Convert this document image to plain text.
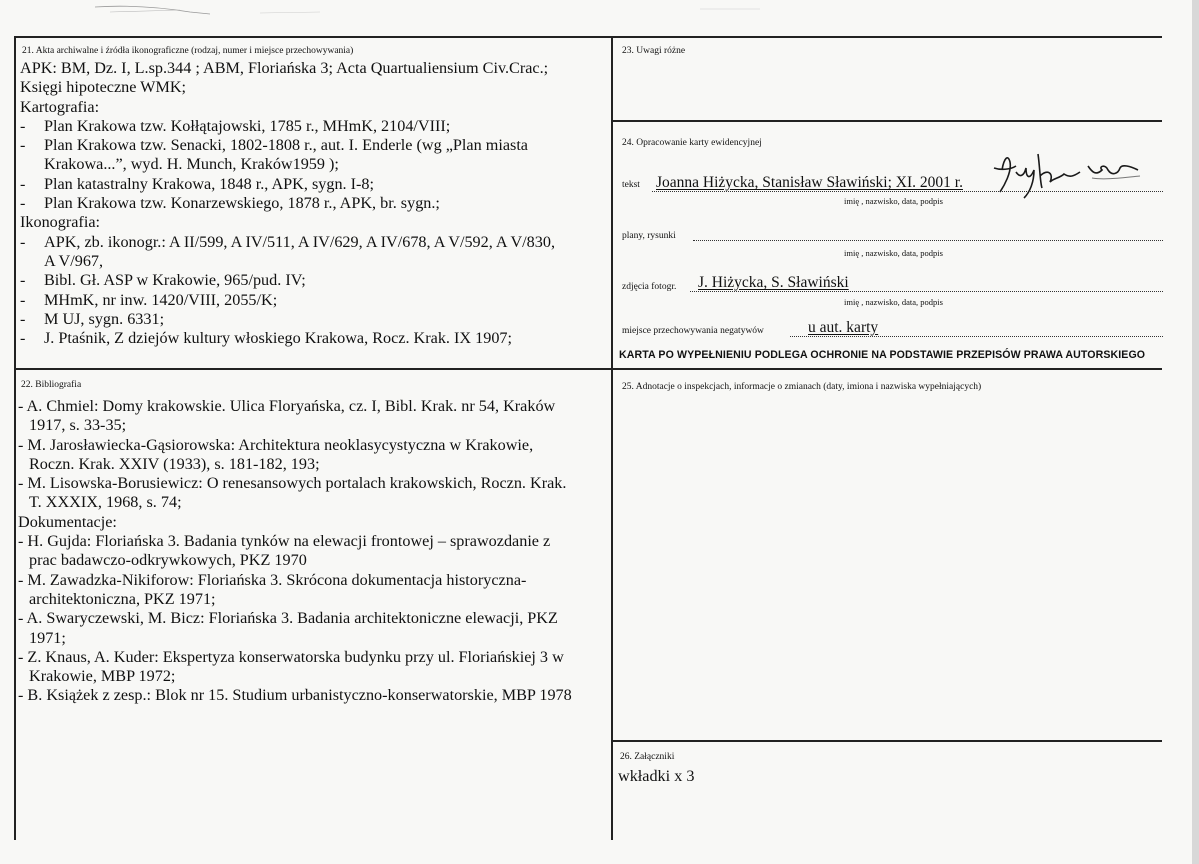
21. Akta archiwalne i źródła ikonograficzne (rodzaj, numer i miejsce przechowywania)
APK: BM, Dz. I, L.sp.344 ; ABM, Floriańska 3; Acta Quartualiensium Civ.Crac.;
Księgi hipoteczne WMK;
Kartografia:
- Plan Krakowa tzw. Kołłątajowski, 1785 r., MHmK, 2104/VIII;
- Plan Krakowa tzw. Senacki, 1802-1808 r., aut. I. Enderle (wg „Plan miasta
Krakowa...”, wyd. H. Munch, Kraków1959 );
- Plan katastralny Krakowa, 1848 r., APK, sygn. I-8;
- Plan Krakowa tzw. Konarzewskiego, 1878 r., APK, br. sygn.;
Ikonografia:
- APK, zb. ikonogr.: A II/599, A IV/511, A IV/629, A IV/678, A V/592, A V/830,
A V/967,
- Bibl. Gł. ASP w Krakowie, 965/pud. IV;
- MHmK, nr inw. 1420/VIII, 2055/K;
- M UJ, sygn. 6331;
- J. Ptaśnik, Z dziejów kultury włoskiego Krakowa, Rocz. Krak. IX 1907;
22. Bibliografia
- A. Chmiel: Domy krakowskie. Ulica Floryańska, cz. I, Bibl. Krak. nr 54, Kraków
1917, s. 33-35;
- M. Jarosławiecka-Gąsiorowska: Architektura neoklasycystyczna w Krakowie,
Roczn. Krak. XXIV (1933), s. 181-182, 193;
- M. Lisowska-Borusiewicz: O renesansowych portalach krakowskich, Roczn. Krak.
T. XXXIX, 1968, s. 74;
Dokumentacje:
- H. Gujda: Floriańska 3. Badania tynków na elewacji frontowej – sprawozdanie z
prac badawczo-odkrywkowych, PKZ 1970
- M. Zawadzka-Nikiforow: Floriańska 3. Skrócona dokumentacja historyczna-
architektoniczna, PKZ 1971;
- A. Swaryczewski, M. Bicz: Floriańska 3. Badania architektoniczne elewacji, PKZ
1971;
- Z. Knaus, A. Kuder: Ekspertyza konserwatorska budynku przy ul. Floriańskiej 3 w
Krakowie, MBP 1972;
- B. Książek z zesp.: Blok nr 15. Studium urbanistyczno-konserwatorskie, MBP 1978
23. Uwagi różne
24. Opracowanie karty ewidencyjnej
tekst Joanna Hiżycka, Stanisław Sławiński; XI. 2001 r.
imię , nazwisko, data, podpis
plany, rysunki
imię , nazwisko, data, podpis
zdjęcia fotogr. J. Hiżycka, S. Sławiński
imię , nazwisko, data, podpis
miejsce przechowywania negatywów	u aut. karty
KARTA PO WYPEŁNIENIU PODLEGA OCHRONIE NA PODSTAWIE PRZEPISÓW PRAWA AUTORSKIEGO
25. Adnotacje o inspekcjach, informacje o zmianach (daty, imiona i nazwiska wypełniających)
26. Załączniki
wkładki x 3
